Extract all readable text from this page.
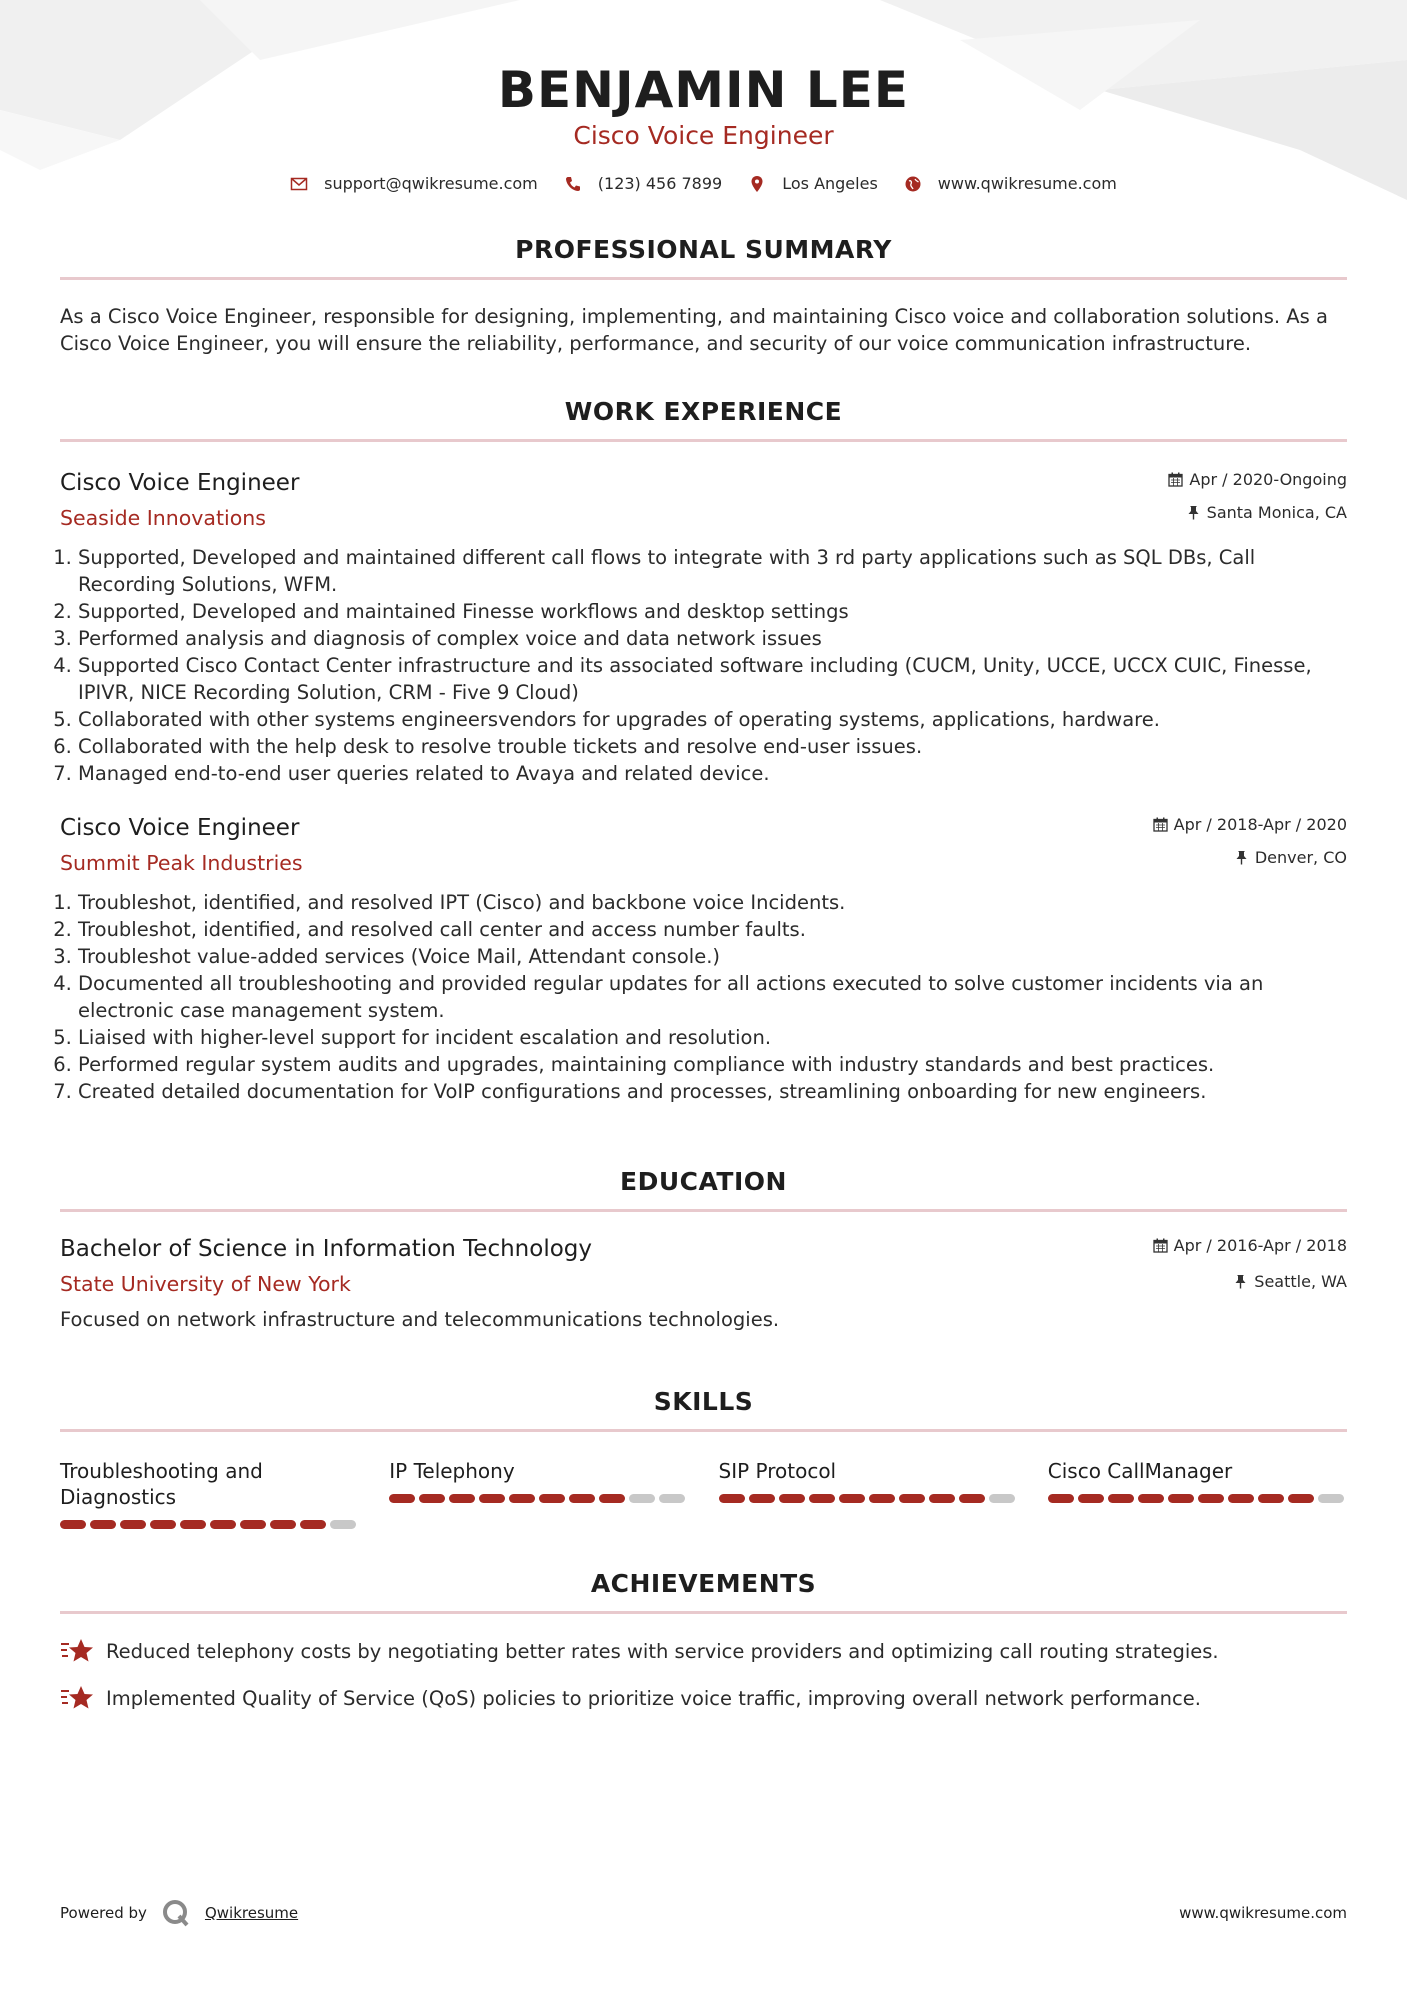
BENJAMIN LEE
Cisco Voice Engineer
support@qwikresume.com	(123) 456 7899	Los Angeles	www.qwikresume.com
PROFESSIONAL SUMMARY
As a Cisco Voice Engineer, responsible for designing, implementing, and maintaining Cisco voice and collaboration solutions. As a Cisco Voice Engineer, you will ensure the reliability, performance, and security of our voice communication infrastructure.
WORK EXPERIENCE
Cisco Voice Engineer
Seaside Innovations
Apr / 2020-Ongoing
Santa Monica, CA
1. Supported, Developed and maintained different call flows to integrate with 3 rd party applications such as SQL DBs, Call Recording Solutions, WFM.
2. Supported, Developed and maintained Finesse workflows and desktop settings
3. Performed analysis and diagnosis of complex voice and data network issues
4. Supported Cisco Contact Center infrastructure and its associated software including (CUCM, Unity, UCCE, UCCX CUIC, Finesse, IPIVR, NICE Recording Solution, CRM - Five 9 Cloud)
5. Collaborated with other systems engineersvendors for upgrades of operating systems, applications, hardware.
6. Collaborated with the help desk to resolve trouble tickets and resolve end-user issues.
7. Managed end-to-end user queries related to Avaya and related device.
Cisco Voice Engineer
Summit Peak Industries
Apr / 2018-Apr / 2020
Denver, CO
1. Troubleshot, identified, and resolved IPT (Cisco) and backbone voice Incidents.
2. Troubleshot, identified, and resolved call center and access number faults.
3. Troubleshot value-added services (Voice Mail, Attendant console.)
4. Documented all troubleshooting and provided regular updates for all actions executed to solve customer incidents via an electronic case management system.
5. Liaised with higher-level support for incident escalation and resolution.
6. Performed regular system audits and upgrades, maintaining compliance with industry standards and best practices.
7. Created detailed documentation for VoIP configurations and processes, streamlining onboarding for new engineers.
EDUCATION
Bachelor of Science in Information Technology
State University of New York
Apr / 2016-Apr / 2018
Seattle, WA
Focused on network infrastructure and telecommunications technologies.
SKILLS
Troubleshooting and Diagnostics
IP Telephony	SIP Protocol	Cisco CallManager
ACHIEVEMENTS
Reduced telephony costs by negotiating better rates with service providers and optimizing call routing strategies.
Implemented Quality of Service (QoS) policies to prioritize voice traffic, improving overall network performance.
Powered by	Qwikresume	www.qwikresume.com
